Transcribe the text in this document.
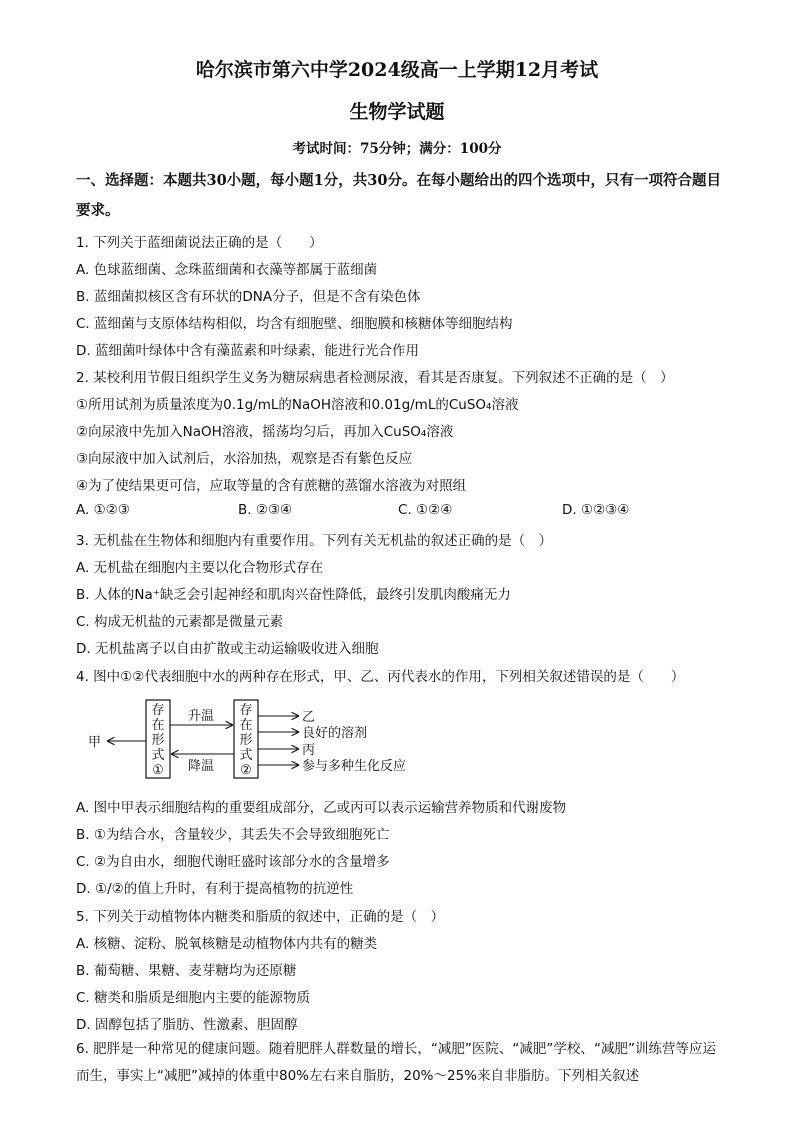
哈尔滨市第六中学2024级高一上学期12月考试
生物学试题
考试时间：75分钟；满分：100分
一、选择题：本题共30小题，每小题1分，共30分。在每小题给出的四个选项中，只有一项符合题目要求。
1. 下列关于蓝细菌说法正确的是（　　）
A. 色球蓝细菌、念珠蓝细菌和衣藻等都属于蓝细菌
B. 蓝细菌拟核区含有环状的DNA分子，但是不含有染色体
C. 蓝细菌与支原体结构相似，均含有细胞壁、细胞膜和核糖体等细胞结构
D. 蓝细菌叶绿体中含有藻蓝素和叶绿素，能进行光合作用
2. 某校利用节假日组织学生义务为糖尿病患者检测尿液，看其是否康复。下列叙述不正确的是（　）
①所用试剂为质量浓度为0.1g/mL的NaOH溶液和0.01g/mL的CuSO₄溶液
②向尿液中先加入NaOH溶液，摇荡均匀后，再加入CuSO₄溶液
③向尿液中加入试剂后，水浴加热，观察是否有紫色反应
④为了使结果更可信，应取等量的含有蔗糖的蒸馏水溶液为对照组
A. ①②③	B. ②③④	C. ①②④	D. ①②③④
3. 无机盐在生物体和细胞内有重要作用。下列有关无机盐的叙述正确的是（　）
A. 无机盐在细胞内主要以化合物形式存在
B. 人体的Na⁺缺乏会引起神经和肌肉兴奋性降低，最终引发肌肉酸痛无力
C. 构成无机盐的元素都是微量元素
D. 无机盐离子以自由扩散或主动运输吸收进入细胞
4. 图中①②代表细胞中水的两种存在形式，甲、乙、丙代表水的作用，下列相关叙述错误的是（　　）
存
在
形
式
①
存
在
形
式
②
升温
降温
甲
乙
良好的溶剂
丙
参与多种生化反应
A. 图中甲表示细胞结构的重要组成部分，乙或丙可以表示运输营养物质和代谢废物
B. ①为结合水，含量较少，其丢失不会导致细胞死亡
C. ②为自由水，细胞代谢旺盛时该部分水的含量增多
D. ①/②的值上升时，有利于提高植物的抗逆性
5. 下列关于动植物体内糖类和脂质的叙述中，正确的是（　）
A. 核糖、淀粉、脱氧核糖是动植物体内共有的糖类
B. 葡萄糖、果糖、麦芽糖均为还原糖
C. 糖类和脂质是细胞内主要的能源物质
D. 固醇包括了脂肪、性激素、胆固醇
6. 肥胖是一种常见的健康问题。随着肥胖人群数量的增长，“减肥”医院、“减肥”学校、“减肥”训练营等应运而生，事实上“减肥”减掉的体重中80%左右来自脂肪，20%～25%来自非脂肪。下列相关叙述
